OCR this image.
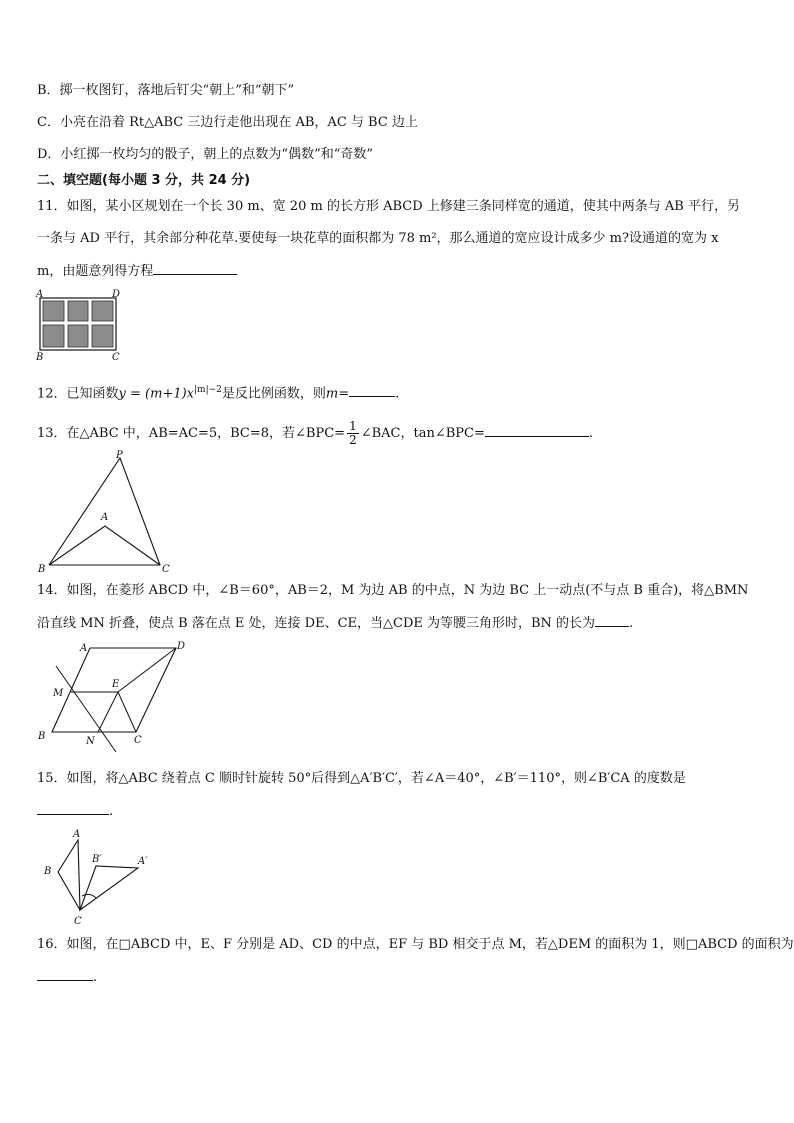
B．掷一枚图钉，落地后钉尖“朝上”和“朝下”
C．小亮在沿着 Rt△ABC 三边行走他出现在 AB，AC 与 BC 边上
D．小红掷一枚均匀的骰子，朝上的点数为“偶数”和“奇数”
二、填空题(每小题 3 分，共 24 分)
11．如图，某小区规划在一个长 30 m、宽 20 m 的长方形 ABCD 上修建三条同样宽的通道，使其中两条与 AB 平行，另
一条与 AD 平行，其余部分种花草.要使每一块花草的面积都为 78 m²，那么通道的宽应设计成多少 m?设通道的宽为 x
m，由题意列得方程
A	D
B	C
12．已知函数$y = (m+1)x^{|m|-2}$是反比例函数，则m=	.
13．在△ABC 中，AB=AC=5，BC=8，若∠BPC= $\frac{1}{2}$ ∠BAC，tan∠BPC=	.
P
A
B	C
14．如图，在菱形 ABCD 中，∠B＝60°，AB＝2，M 为边 AB 的中点，N 为边 BC 上一动点(不与点 B 重合)，将△BMN
沿直线 MN 折叠，使点 B 落在点 E 处，连接 DE、CE，当△CDE 为等腰三角形时，BN 的长为	.
A	D
M
E
B	N	C
15．如图，将△ABC 绕着点 C 顺时针旋转 50°后得到△A′B′C′，若∠A＝40°，∠B′＝110°，则∠B′CA 的度数是
.
A
B
C
B′	A′
16．如图，在□ABCD 中，E、F 分别是 AD、CD 的中点，EF 与 BD 相交于点 M，若△DEM 的面积为 1，则□ABCD 的面积为
.
